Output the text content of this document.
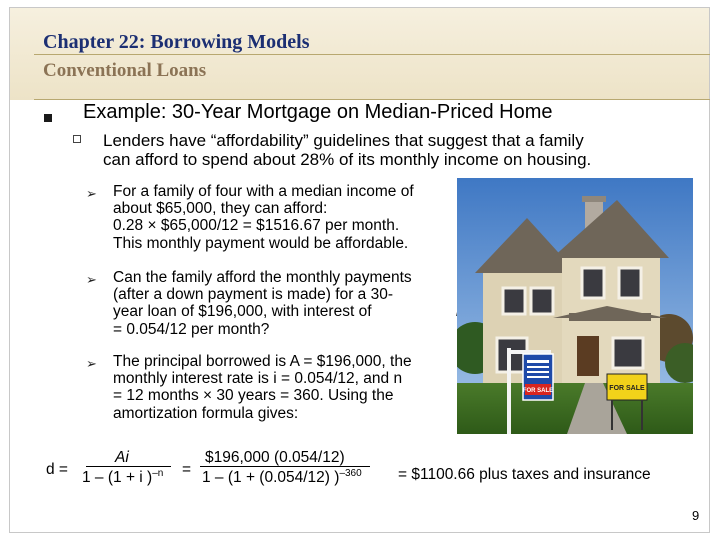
Chapter 22: Borrowing Models
Conventional Loans
Example: 30-Year Mortgage on Median-Priced Home
Lenders have “affordability” guidelines that suggest that a family
can afford to spend about 28% of its monthly income on housing.
➢ For a family of four with a median income of
about $65,000, they can afford:
0.28 × $65,000/12 = $1516.67 per month.
This monthly payment would be affordable.
➢ Can the family afford the monthly payments
(after a down payment is made) for a 30-
year loan of $196,000, with interest of
= 0.054/12 per month?
➢ The principal borrowed is A = $196,000, the
monthly interest rate is i = 0.054/12, and n
= 12 months × 30 years = 360. Using the
amortization formula gives:
FOR SALE	FOR SALE
d =
Ai
1 – (1 + i )$^{-n}$ =
$196,000 (0.054/12)
1 – (1 + (0.054/12) )$^{-360}$ = $1100.66 plus taxes and insurance
9
